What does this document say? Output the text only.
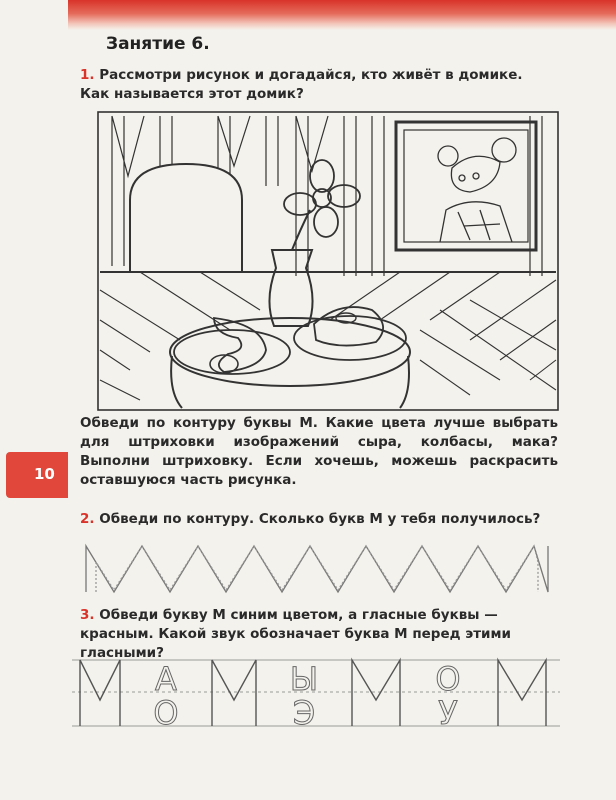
Занятие 6.
1. Рассмотри рисунок и догадайся, кто живёт в домике. Как называется этот домик?
Обведи по контуру буквы М. Какие цвета лучше выбрать для штриховки изображений сыра, колбасы, мака? Выполни штриховку. Если хочешь, можешь раскрасить оставшуюся часть рисунка.
10
2. Обведи по контуру. Сколько букв М у тебя получилось?
3. Обведи букву М синим цветом, а гласные буквы — красным. Какой звук обозначает буква М перед этими гласными?
А	Ы	О
О	Э	У
